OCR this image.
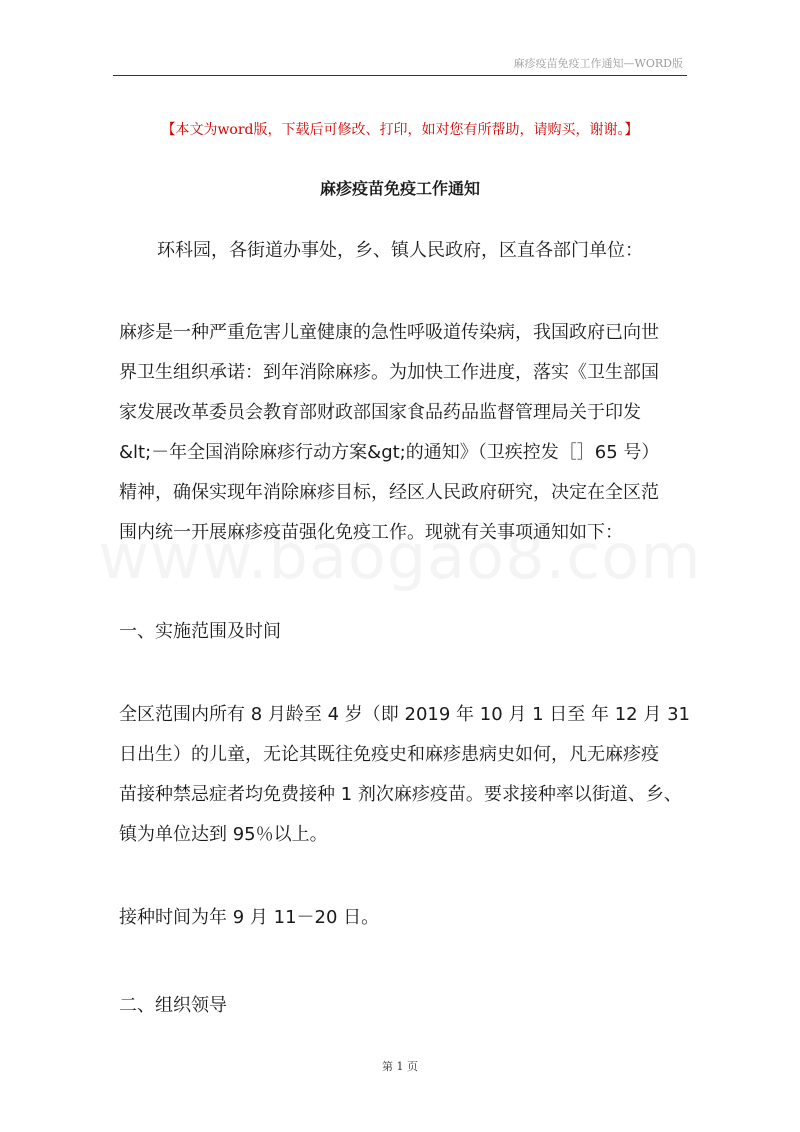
麻疹疫苗免疫工作通知—WORD版
【本文为word版，下载后可修改、打印，如对您有所帮助，请购买，谢谢。】
麻疹疫苗免疫工作通知
环科园，各街道办事处，乡、镇人民政府，区直各部门单位：

麻疹是一种严重危害儿童健康的急性呼吸道传染病，我国政府已向世

界卫生组织承诺：到年消除麻疹。为加快工作进度，落实《卫生部国

家发展改革委员会教育部财政部国家食品药品监督管理局关于印发

&lt;－年全国消除麻疹行动方案&gt;的通知》（卫疾控发［］65 号）

精神，确保实现年消除麻疹目标，经区人民政府研究，决定在全区范

围内统一开展麻疹疫苗强化免疫工作。现就有关事项通知如下：

一、实施范围及时间

全区范围内所有 8 月龄至 4 岁（即 2019 年 10 月 1 日至 年 12 月 31

日出生）的儿童，无论其既往免疫史和麻疹患病史如何，凡无麻疹疫

苗接种禁忌症者均免费接种 1 剂次麻疹疫苗。要求接种率以街道、乡、

镇为单位达到 95％以上。

接种时间为年 9 月 11－20 日。
二、组织领导
第 1 页
